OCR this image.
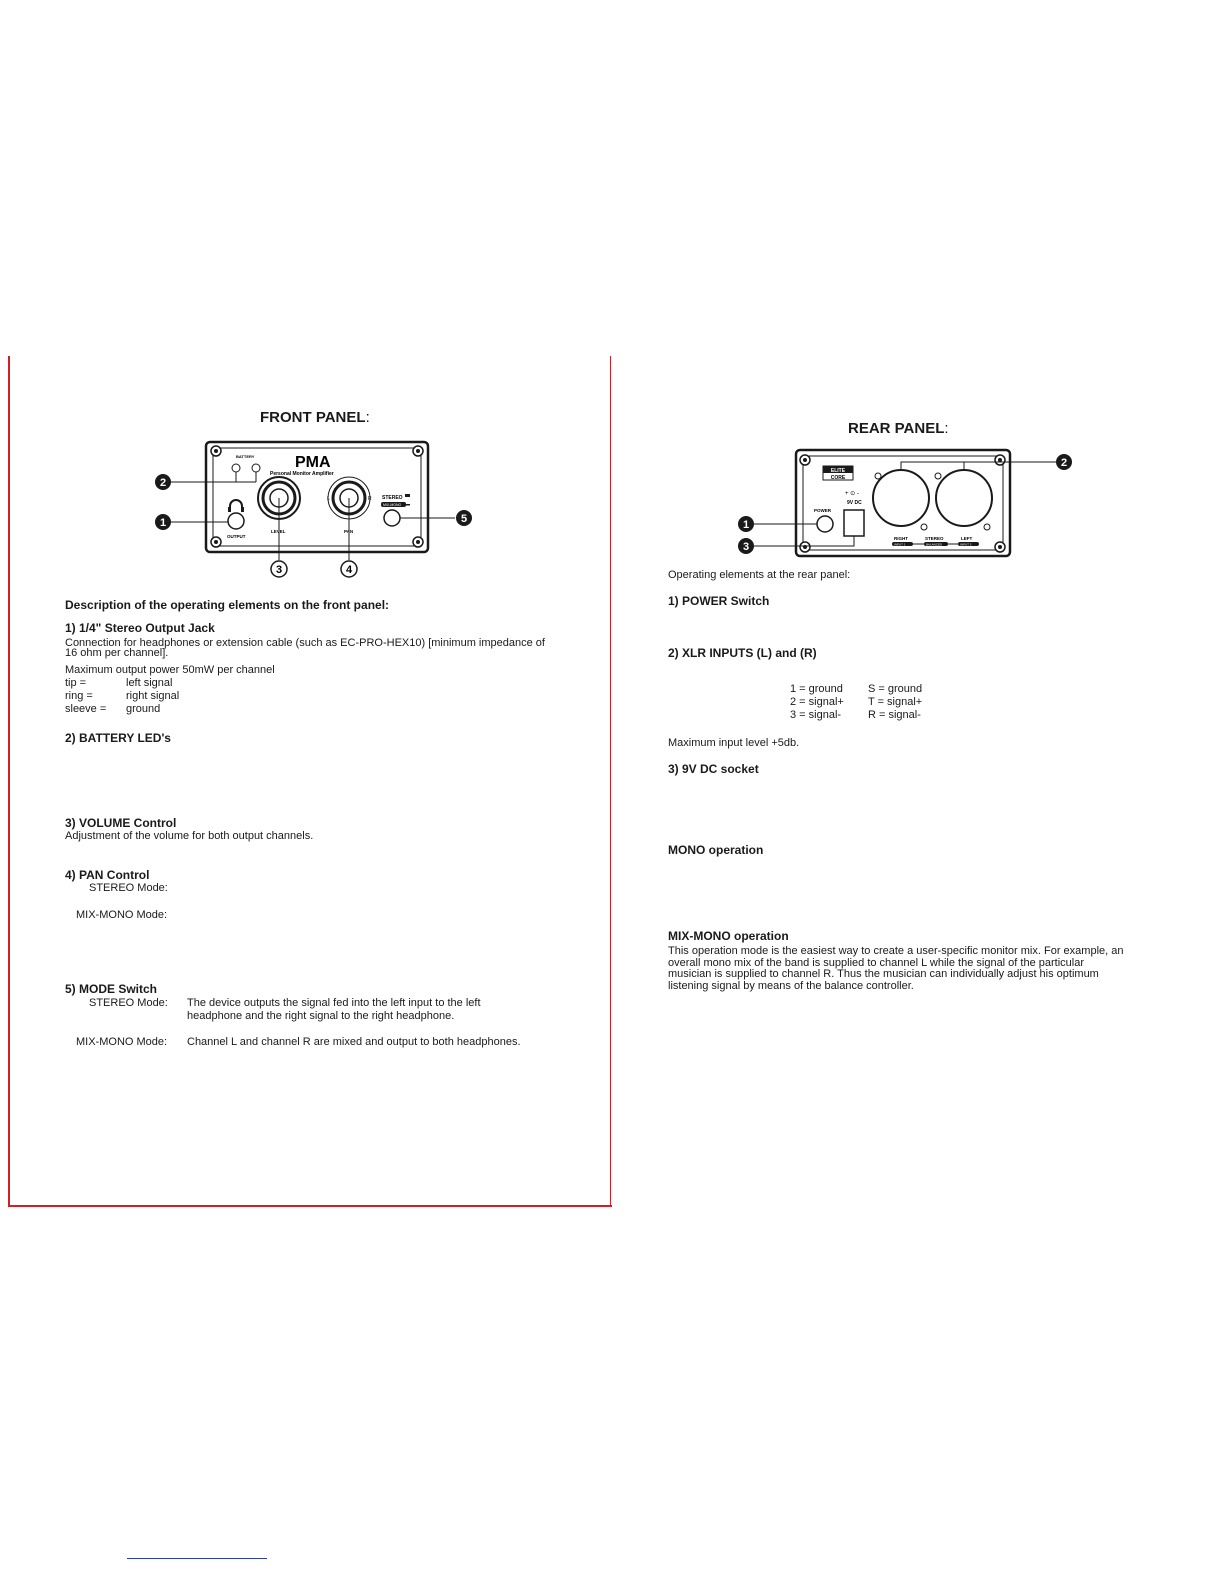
FRONT PANEL:
BATTERY	PMA
Personal Monitor Amplifier
OUTPUT
LEVEL
L	R
PAN
STEREO
MIX-MONO
1
2
3	4
5
Description of the operating elements on the front panel:
1) 1/4" Stereo Output Jack
Connection for headphones or extension cable (such as EC-PRO-HEX10) [minimum impedance of
16 ohm per channel].
Maximum output power 50mW per channel
tip =	left signal
ring =	right signal
sleeve = ground
2) BATTERY LED's
3) VOLUME Control
Adjustment of the volume for both output channels.
4) PAN Control
STEREO Mode:
MIX-MONO Mode:
5) MODE Switch
STEREO Mode: The device outputs the signal fed into the left input to the left
headphone and the right signal to the right headphone.
MIX-MONO Mode: Channel L and channel R are mixed and output to both headphones.
REAR PANEL:
ELITE
CORE
+ ⊙ -
9V DC
POWER
RIGHT
INPUT 1
STEREO
BALANCED
LEFT
INPUT 2
1
2
3
Operating elements at the rear panel:
1) POWER Switch
2) XLR INPUTS (L) and (R)
1 = ground S = ground
2 = signal+ T = signal+
3 = signal- R = signal-
Maximum input level +5db.
3) 9V DC socket
MONO operation
MIX-MONO operation
This operation mode is the easiest way to create a user-specific monitor mix. For example, an
overall mono mix of the band is supplied to channel L while the signal of the particular
musician is supplied to channel R. Thus the musician can individually adjust his optimum
listening signal by means of the balance controller.
